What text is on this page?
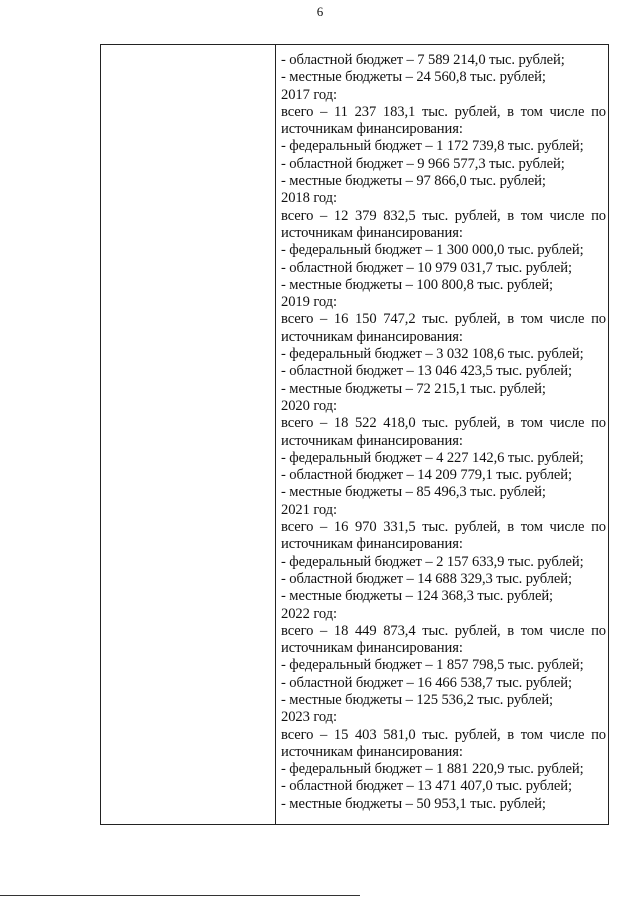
6
- областной бюджет – 7 589 214,0 тыс. рублей;
- местные бюджеты – 24 560,8 тыс. рублей;
2017 год:
всего – 11 237 183,1 тыс. рублей, в том числе по
источникам финансирования:
- федеральный бюджет – 1 172 739,8 тыс. рублей;
- областной бюджет – 9 966 577,3 тыс. рублей;
- местные бюджеты – 97 866,0 тыс. рублей;
2018 год:
всего – 12 379 832,5 тыс. рублей, в том числе по
источникам финансирования:
- федеральный бюджет – 1 300 000,0 тыс. рублей;
- областной бюджет – 10 979 031,7 тыс. рублей;
- местные бюджеты – 100 800,8 тыс. рублей;
2019 год:
всего – 16 150 747,2 тыс. рублей, в том числе по
источникам финансирования:
- федеральный бюджет – 3 032 108,6 тыс. рублей;
- областной бюджет – 13 046 423,5 тыс. рублей;
- местные бюджеты – 72 215,1 тыс. рублей;
2020 год:
всего – 18 522 418,0 тыс. рублей, в том числе по
источникам финансирования:
- федеральный бюджет – 4 227 142,6 тыс. рублей;
- областной бюджет – 14 209 779,1 тыс. рублей;
- местные бюджеты – 85 496,3 тыс. рублей;
2021 год:
всего – 16 970 331,5 тыс. рублей, в том числе по
источникам финансирования:
- федеральный бюджет – 2 157 633,9 тыс. рублей;
- областной бюджет – 14 688 329,3 тыс. рублей;
- местные бюджеты – 124 368,3 тыс. рублей;
2022 год:
всего – 18 449 873,4 тыс. рублей, в том числе по
источникам финансирования:
- федеральный бюджет – 1 857 798,5 тыс. рублей;
- областной бюджет – 16 466 538,7 тыс. рублей;
- местные бюджеты – 125 536,2 тыс. рублей;
2023 год:
всего – 15 403 581,0 тыс. рублей, в том числе по
источникам финансирования:
- федеральный бюджет – 1 881 220,9 тыс. рублей;
- областной бюджет – 13 471 407,0 тыс. рублей;
- местные бюджеты – 50 953,1 тыс. рублей;
